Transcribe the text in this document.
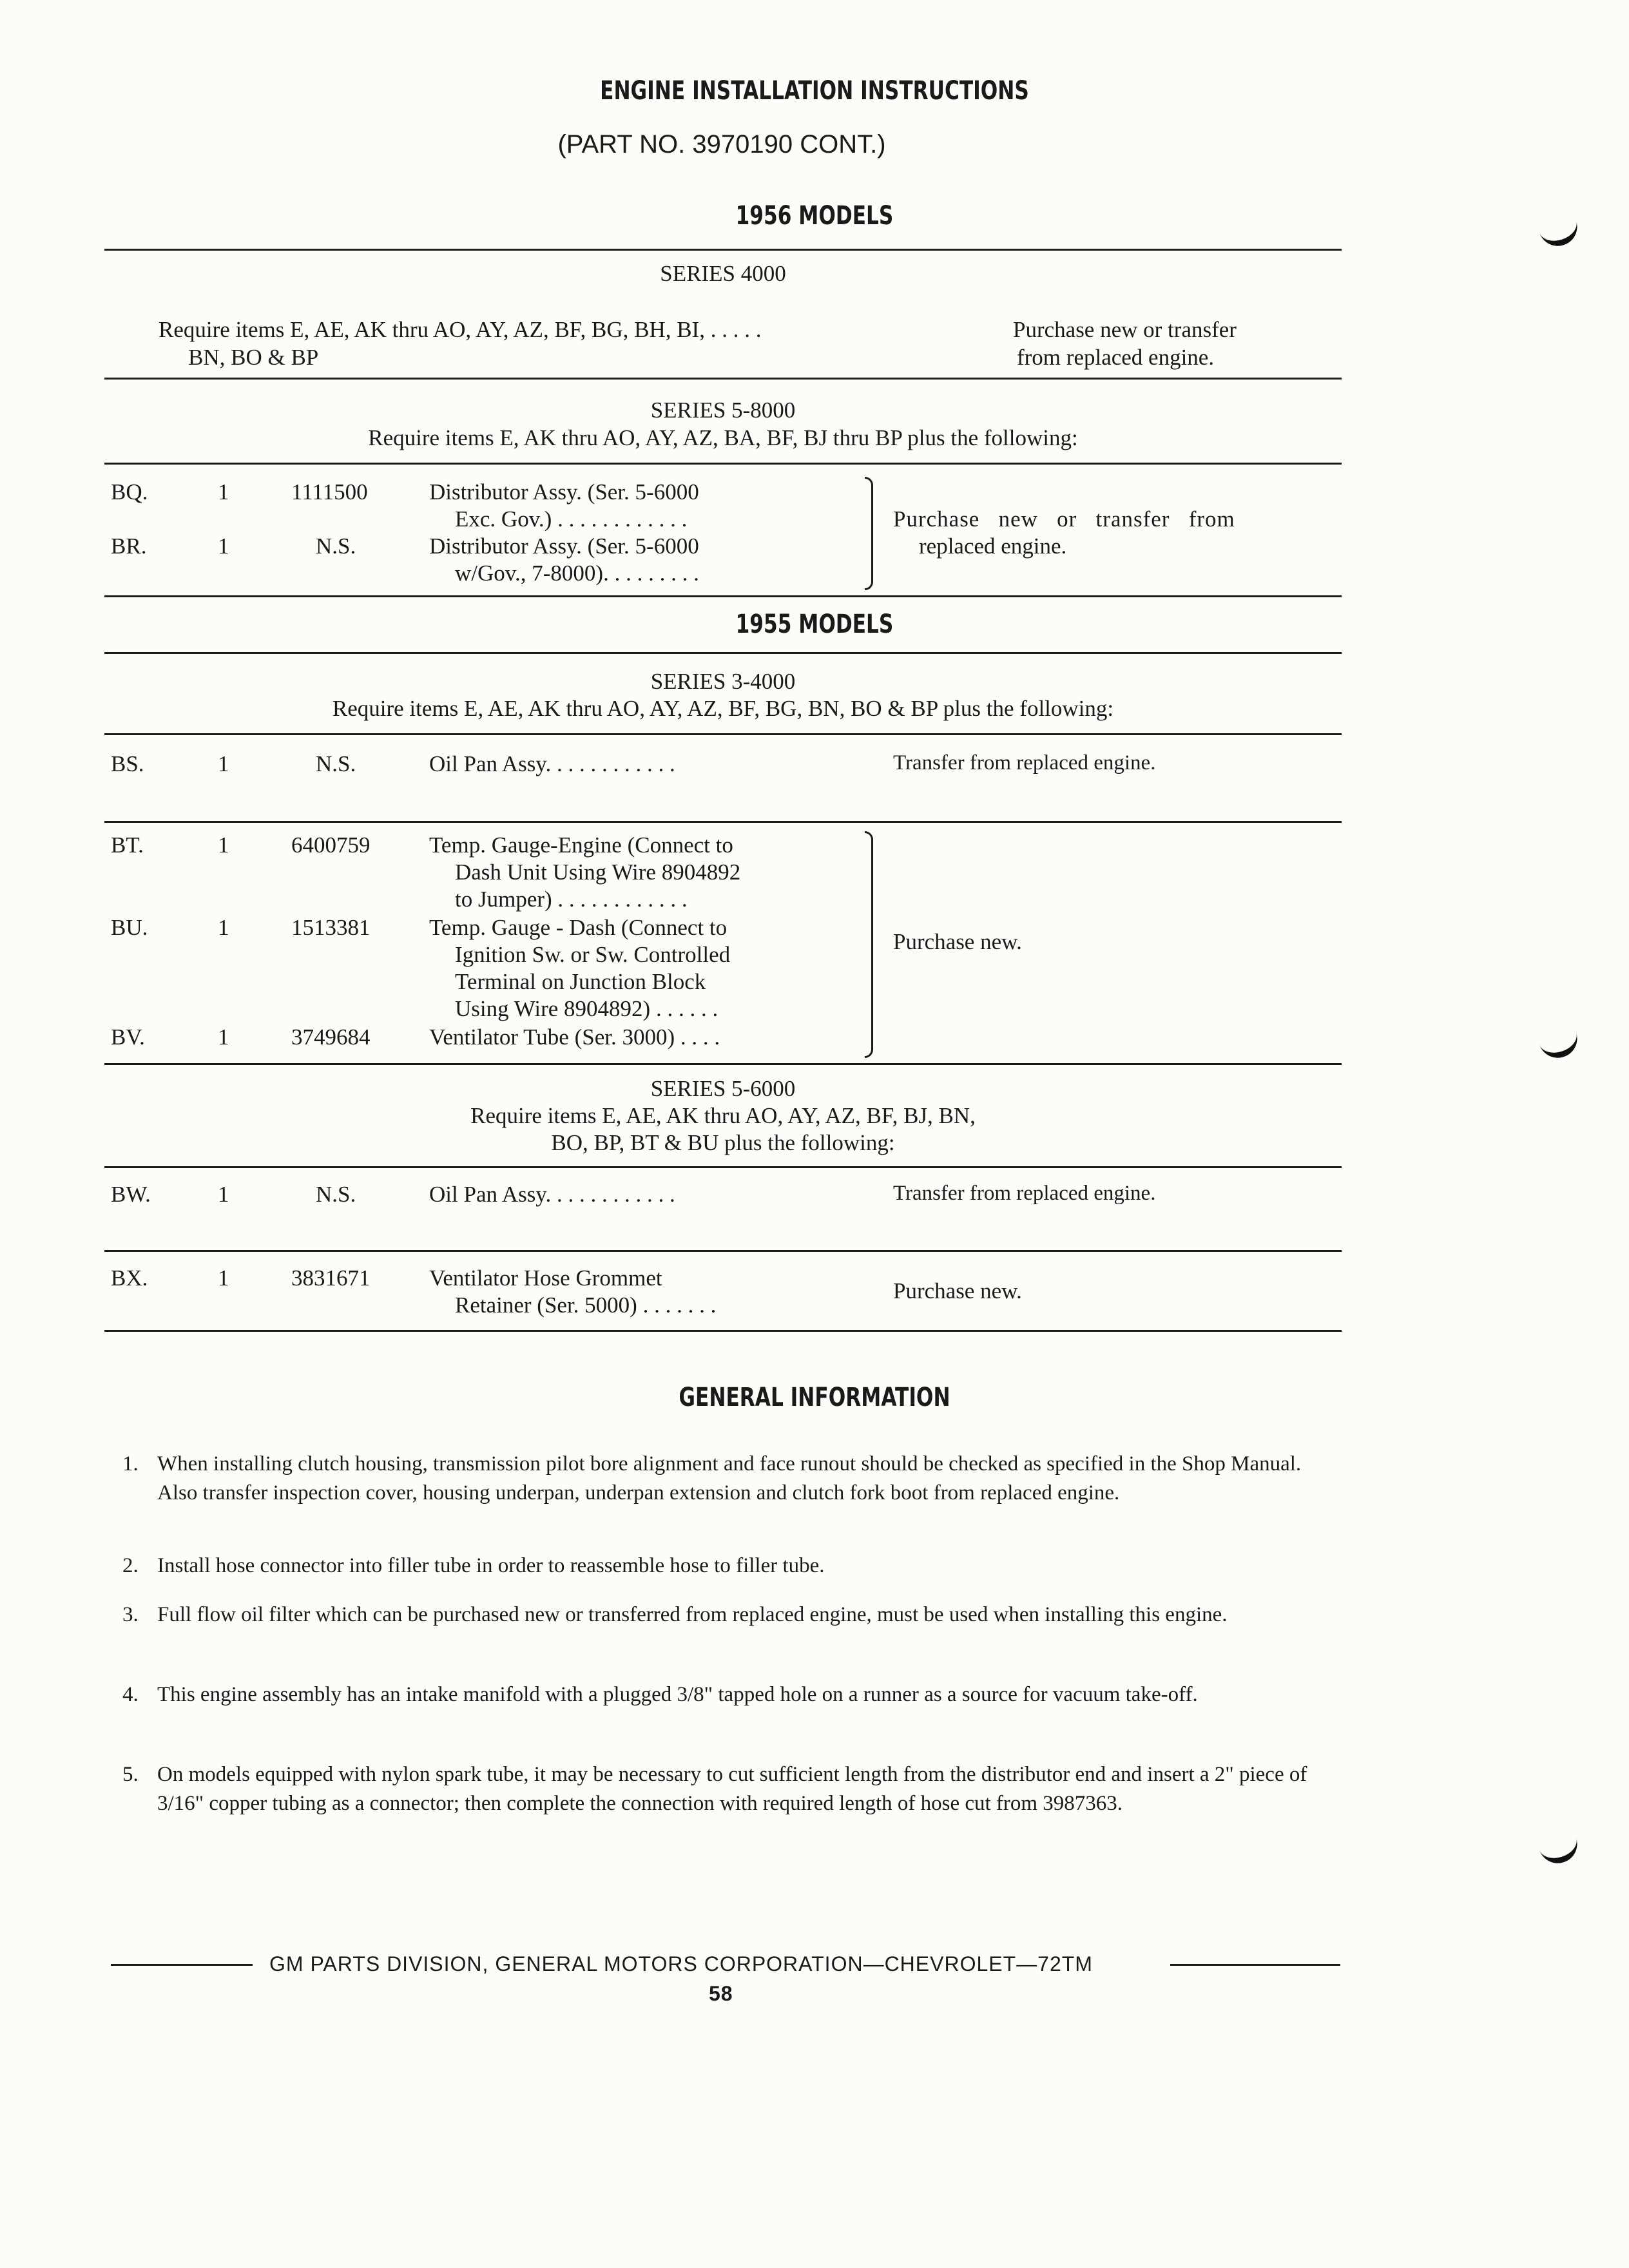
ENGINE INSTALLATION INSTRUCTIONS
(PART NO. 3970190 CONT.)
1956 MODELS
SERIES 4000
Require items E, AE, AK thru AO, AY, AZ, BF, BG, BH, BI, . . . . .
BN, BO & BP
Purchase new or transfer
from replaced engine.
SERIES 5-8000
Require items E, AK thru AO, AY, AZ, BA, BF, BJ thru BP plus the following:
BQ.	1	1111500	Distributor Assy. (Ser. 5-6000
Exc. Gov.) . . . . . . . . . . . .
BR.	1	N.S.	Distributor Assy. (Ser. 5-6000
w/Gov., 7-8000). . . . . . . . .
Purchase   new   or   transfer   from
replaced engine.
1955 MODELS
SERIES 3-4000
Require items E, AE, AK thru AO, AY, AZ, BF, BG, BN, BO & BP plus the following:
BS.	1	N.S.	Oil Pan Assy. . . . . . . . . . . .	Transfer from replaced engine.
BT.	1	6400759	Temp. Gauge-Engine (Connect to
Dash Unit Using Wire 8904892
to Jumper) . . . . . . . . . . . .
BU.	1	1513381	Temp. Gauge - Dash (Connect to
Ignition Sw. or Sw. Controlled
Terminal on Junction Block
Using Wire 8904892) . . . . . .
BV.	1	3749684	Ventilator Tube (Ser. 3000) . . . .
Purchase new.
SERIES 5-6000
Require items E, AE, AK thru AO, AY, AZ, BF, BJ, BN,
BO, BP, BT & BU plus the following:
BW.	1	N.S.	Oil Pan Assy. . . . . . . . . . . .	Transfer from replaced engine.
BX.	1	3831671	Ventilator Hose Grommet
Retainer (Ser. 5000) . . . . . . .
Purchase new.
GENERAL INFORMATION
1. When installing clutch housing, transmission pilot bore alignment and face runout should be checked as specified in the Shop Manual. Also transfer inspection cover, housing underpan, underpan extension and clutch fork boot from replaced engine.
2. Install hose connector into filler tube in order to reassemble hose to filler tube.
3. Full flow oil filter which can be purchased new or transferred from replaced engine, must be used when installing this engine.
4. This engine assembly has an intake manifold with a plugged 3/8" tapped hole on a runner as a source for vacuum take-off.
5. On models equipped with nylon spark tube, it may be necessary to cut sufficient length from the distributor end and insert a 2" piece of 3/16" copper tubing as a connector; then complete the connection with required length of hose cut from 3987363.
GM PARTS DIVISION, GENERAL MOTORS CORPORATION—CHEVROLET—72TM
58
